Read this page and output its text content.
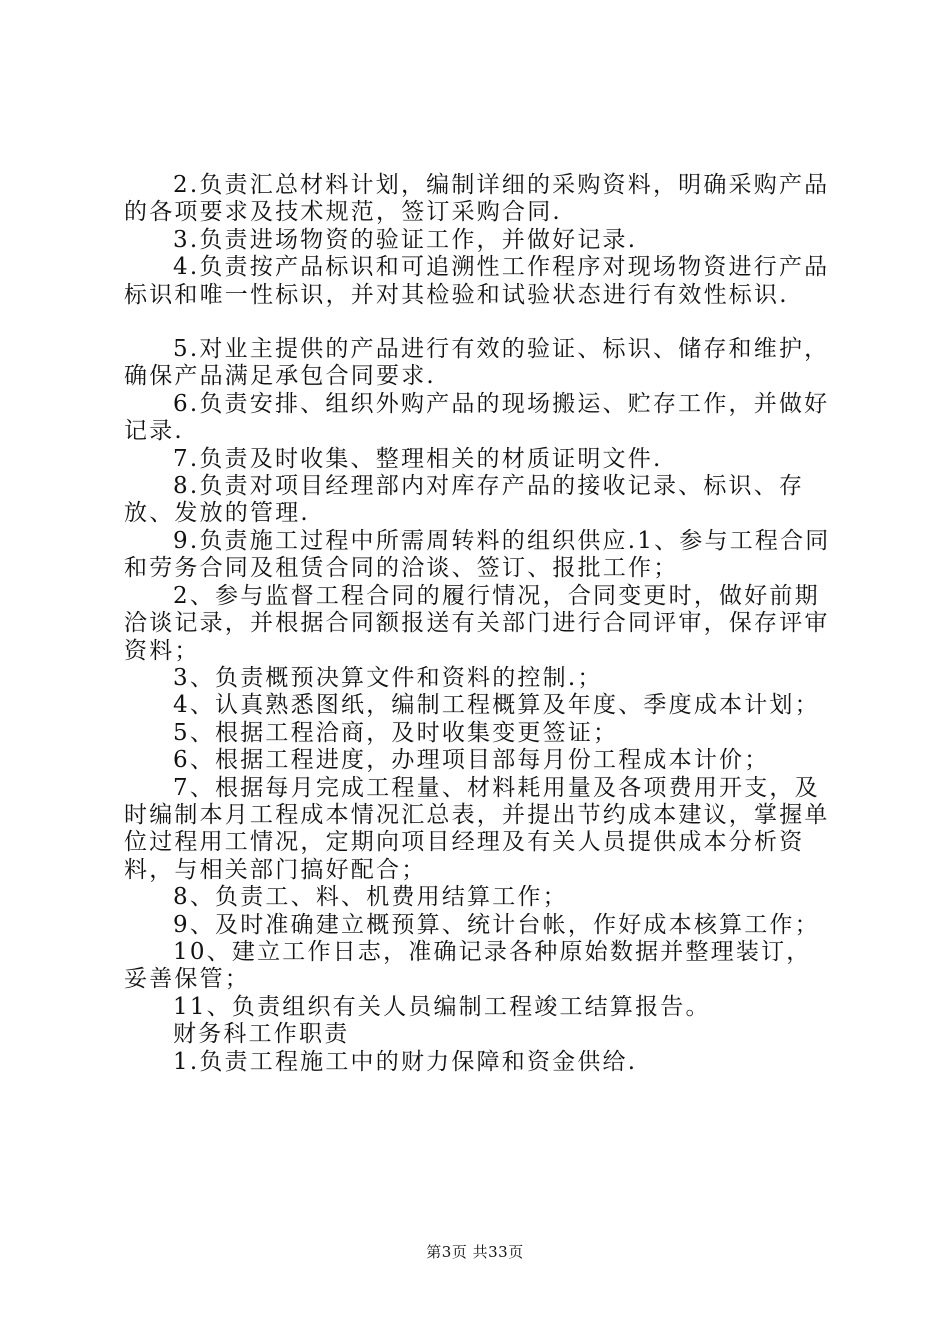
2.负责汇总材料计划，编制详细的采购资料，明确采购产品的各项要求及技术规范，签订采购合同.

3.负责进场物资的验证工作，并做好记录.

4.负责按产品标识和可追溯性工作程序对现场物资进行产品标识和唯一性标识，并对其检验和试验状态进行有效性标识.

5.对业主提供的产品进行有效的验证、标识、储存和维护，确保产品满足承包合同要求.

6.负责安排、组织外购产品的现场搬运、贮存工作，并做好记录.

7.负责及时收集、整理相关的材质证明文件.

8.负责对项目经理部内对库存产品的接收记录、标识、存放、发放的管理.

9.负责施工过程中所需周转料的组织供应.1、参与工程合同和劳务合同及租赁合同的洽谈、签订、报批工作；

2、参与监督工程合同的履行情况，合同变更时，做好前期洽谈记录，并根据合同额报送有关部门进行合同评审，保存评审资料；

3、负责概预决算文件和资料的控制.；

4、认真熟悉图纸，编制工程概算及年度、季度成本计划；

5、根据工程洽商，及时收集变更签证；

6、根据工程进度，办理项目部每月份工程成本计价；

7、根据每月完成工程量、材料耗用量及各项费用开支，及时编制本月工程成本情况汇总表，并提出节约成本建议，掌握单位过程用工情况，定期向项目经理及有关人员提供成本分析资料，与相关部门搞好配合；

8、负责工、料、机费用结算工作；

9、及时准确建立概预算、统计台帐，作好成本核算工作；

10、建立工作日志，准确记录各种原始数据并整理装订，妥善保管；

11、负责组织有关人员编制工程竣工结算报告。

财务科工作职责

1.负责工程施工中的财力保障和资金供给.

第3页 共33页
